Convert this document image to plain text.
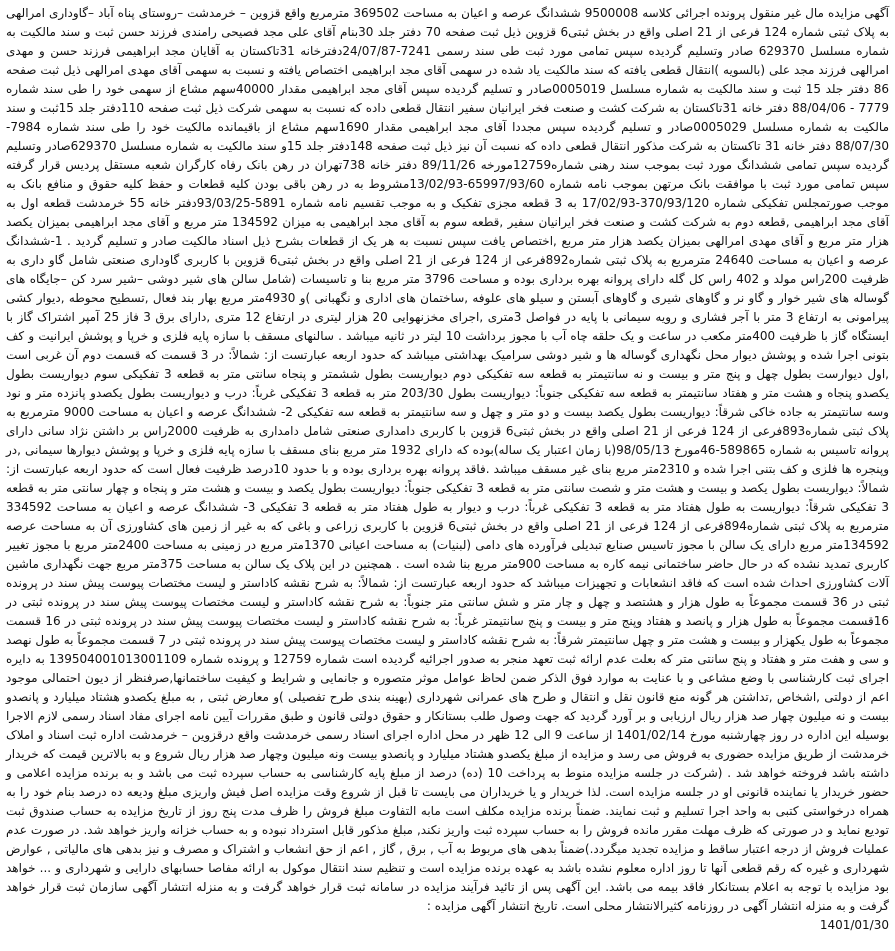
آگهی مزایده مال غیر منقول پرونده اجرائی کلاسه 9500008 ششدانگ عرصه و اعیان به مساحت 369502 مترمربع واقع قزوین – خرمدشت –روستای پناه آباد –گاوداری امرالهی به پلاک ثبتی شماره 124 فرعی از 21 اصلی واقع در بخش ثبتی6 قزوین ذیل ثبت صفحه 70 دفتر جلد 30بنام آقای علی مجد فصیحی رامندی فرزند حسن ثبت و سند مالکیت به شماره مسلسل 629370 صادر وتسلیم گردیده سپس تمامی مورد ثبت طی سند رسمی 7241-24/07/87دفترخانه 31تاکستان به آقایان مجد ابراهیمی فرزند حسن و مهدی امرالهی فرزند مجد علی (بالسویه )انتقال قطعی یافته که سند مالکیت یاد شده در سهمی آقای مجد ابراهیمی اختصاص یافته و نسبت به سهمی آقای مهدی امرالهی ذیل ثبت صفحه 86 دفتر جلد 15 ثبت و سند مالکیت به شماره مسلسل 0005019صادر و تسلیم گردیده سپس آقای مجد ابراهیمی مقدار 40000سهم مشاع از سهمی خود را طی سند شماره 7779 - 88/04/06 دفتر خانه 31تاکستان به شرکت کشت و صنعت فخر ایرانیان سفیر انتقال قطعی داده که نسبت به سهمی شرکت ذیل ثبت صفحه 110دفتر جلد 15ثبت و سند مالکیت به شماره مسلسل 0005029صادر و تسلیم گردیده سپس مجددا آقای مجد ابراهیمی مقدار 1690سهم مشاع از باقیمانده مالکیت خود را طی سند شماره 7984-88/07/30 دفتر خانه 31 تاکستان به شرکت مذکور انتقال قطعی داده که نسبت آن نیز ذیل ثبت صفحه 148دفتر جلد 15و سند مالکیت به شماره مسلسل 629370صادر وتسلیم گردیده سپس تمامی ششدانگ مورد ثبت بموجب سند رهنی شماره12759مورخه 89/11/26 دفتر خانه 738تهران در رهن بانک رفاه کارگران شعبه مستقل پردیس قرار گرفته سپس تمامی مورد ثبت با موافقت بانک مرتهن بموجب نامه شماره 65997/93/60-13/02/93مشروط به در رهن باقی بودن کلیه قطعات و حفظ کلیه حقوق و منافع بانک به موجب صورتمجلس تفکیکی شماره 370/93/120-17/02/93 به 3 قطعه مجزی تفکیک و به موجب تقسیم نامه شماره 5891-93/03/25دفتر خانه 55 خرمدشت قطعه اول به آقای مجد ابراهیمی ,قطعه دوم به شرکت کشت و صنعت فخر ایرانیان سفیر ,قطعه سوم به آقای مجد ابراهیمی به میزان 134592 متر مربع و آقای مجد ابراهیمی بمیزان یکصد هزار متر مربع و آقای مهدی امرالهی بمیزان یکصد هزار متر مربع ,اختصاص یافت سپس نسبت به هر یک از قطعات بشرح ذیل اسناد مالکیت صادر و تسلیم گردید . 1-ششدانگ عرصه و اعیان به مساحت 24640 مترمربع به پلاک ثبتی شماره892فرعی از 124 فرعی از 21 اصلی واقع در بخش ثبتی6 قزوین با کاربری گاوداری صنعتی شامل گاو داری به ظرفیت 200راس مولد و 402 راس کل گله دارای پروانه بهره برداری بوده و مساحت 3796 متر مربع بنا و تاسیسات (شامل سالن های شیر دوشی –شیر سرد کن –جایگاه های گوساله های شیر خوار و گاو نر و گاوهای شیری و گاوهای آبستن و سیلو های علوفه ,ساختمان های اداری و نگهبانی )و 4930متر مربع بهار بند فعال ,تسطیح محوطه ,دیوار کشی پیرامونی به ارتفاع 3 متر با آجر فشاری و رویه سیمانی با پایه در فواصل 3متری ,اجرای مخزنهوایی 20 هزار لیتری در ارتفاع 12 متری ,دارای برق 3 فاز 25 آمپر اشتراک گاز با ایستگاه گاز با ظرفیت 400متر مکعب در ساعت و یک حلقه چاه آب با مجوز برداشت 10 لیتر در ثانیه میباشد . سالنهای مسقف با سازه پایه فلزی و خرپا و پوشش ایرانیت و کف بتونی اجرا شده و پوشش دیوار محل نگهداری گوساله ها و شیر دوشی سرامیک بهداشتی میباشد که حدود اربعه عبارتست از: شمالاً: در 3 قسمت که قسمت دوم آن غربی است ,اول دیوارست بطول چهل و پنج متر و بیست و نه سانتیمتر به قطعه سه تفکیکی دوم دیواریست بطول ششمتر و پنجاه سانتی متر به قطعه 3 تفکیکی سوم دیواریست بطول یکصدو پنجاه و هشت متر و هفتاد سانتیمتر به قطعه سه تفکیکی جنوباً: دیواریست بطول 203/30 متر به قطعه 3 تفکیکی غرباً: درب و دیواریست بطول یکصدو پانزده متر و نود وسه سانتیمتر به جاده خاکی شرقاً: دیواریست بطول یکصد بیست و دو متر و چهل و سه سانتیمتر به قطعه سه تفکیکی 2- ششدانگ عرصه و اعیان به مساحت 9000 مترمربع به پلاک ثبتی شماره893فرعی از 124 فرعی از 21 اصلی واقع در بخش ثبتی6 قزوین با کاربری دامداری صنعتی شامل دامداری به ظرفیت 2000راس بر داشتن نژاد سانی دارای پروانه تاسیس به شماره 589865-46مورخ 98/05/13(با زمان اعتبار یک ساله)بوده که دارای 1932 متر مربع بنای مسقف با سازه پایه فلزی و خرپا و پوشش دیوارها سیمانی ,در وپنجره ها فلزی و کف بتنی اجرا شده و 2310متر مربع بنای غیر مسقف میباشد .فاقد پروانه بهره برداری بوده و با حدود 10درصد ظرفیت فعال است که حدود اربعه عبارتست از: شمالاً: دیواریست بطول یکصد و بیست و هشت متر و شصت سانتی متر به قطعه 3 تفکیکی جنوباً: دیواریست بطول یکصد و بیست و هشت متر و پنجاه و چهار سانتی متر به قطعه 3 تفکیکی شرقاً: دیواریست به طول هفتاد متر به قطعه 3 تفکیکی غرباً: درب و دیوار به طول هفتاد متر به قطعه 3 تفکیکی 3- ششدانگ عرصه و اعیان به مساحت 334592 مترمربع به پلاک ثبتی شماره894فرعی از 124 فرعی از 21 اصلی واقع در بخش ثبتی6 قزوین با کاربری زراعی و باغی که به غیر از زمین های کشاورزی آن به مساحت عرصه 134592متر مربع دارای یک سالن با مجوز تاسیس صنایع تبدیلی فرآورده های دامی (لبنیات) به مساحت اعیانی 1370متر مربع در زمینی به مساحت 2400متر مربع با مجوز تغییر کاربری تمدید نشده که در حال حاضر ساختمانی نیمه کاره به مساحت 900متر مربع بنا شده است . همچنین در این پلاک یک سالن به مساحت 375متر مربع جهت نگهداری ماشین آلات کشاورزی احداث شده است که فاقد انشعابات و تجهیزات میباشد که حدود اربعه عبارتست از: شمالاً: به شرح نقشه کاداستر و لیست مختصات پیوست پیش سند در پرونده ثبتی در 36 قسمت مجموعاً به طول هزار و هشتصد و چهل و چار متر و شش سانتی متر جنوباً: به شرح نقشه کاداستر و لیست مختصات پیوست پیش سند در پرونده ثبتی در 16قسمت مجموعاً به طول هزار و پانصد و هفتاد وپنج متر و بیست و پنج سانتیمتر غرباً: به شرح نقشه کاداستر و لیست مختصات پیوست پیش سند در پرونده ثبتی در 16 قسمت مجموعاً به طول یکهزار و بیست و هشت متر و چهل سانتیمتر شرقاً: به شرح نقشه کاداستر و لیست مختصات پیوست پیش سند در پرونده ثبتی در 7 قسمت مجموعاً به طول نهصد و سی و هفت متر و هفتاد و پنج سانتی متر که بعلت عدم ارائه ثبت تعهد منجر به صدور اجرائیه گردیده است شماره 12759 و پرونده شماره 139504001013001109 به دایره اجرای ثبت کارشناسی با وضع مشاعی و با عنایت به موارد فوق الذکر ضمن لحاظ عوامل موثر متصوره و جانمایی و شرایط و کیفیت ساختمانها,صرفنظر از دیون احتمالی موجود اعم از دولتی ,اشخاص ,تداشتن هر گونه منع قانون نقل و انتقال و طرح های عمرانی شهرداری (بهینه بندی طرح تفصیلی )و معارض ثبتی , به مبلغ یکصدو هشتاد میلیارد و پانصدو بیست و نه میلیون چهار صد هزار ریال ارزیابی و بر آورد گردید که جهت وصول طلب بستانکار و حقوق دولتی قانون و طبق مقررات آیین نامه اجرای مفاد اسناد رسمی لازم الاجرا بوسیله این اداره در روز چهارشنبه مورخ 1401/02/14 از ساعت 9 الی 12 ظهر در محل اداره اجرای اسناد رسمی خرمدشت واقع درقزوین – خرمدشت اداره ثبت اسناد و املاک خرمدشت از طریق مزایده حضوری به فروش می رسد و مزایده از مبلغ یکصدو هشتاد میلیارد و پانصدو بیست ونه میلیون وچهار صد هزار ریال شروع و به بالاترین قیمت که خریدار داشته باشد فروخته خواهد شد . (شرکت در جلسه مزایده منوط به پرداخت 10 (ده) درصد از مبلغ پایه کارشناسی به حساب سپرده ثبت می باشد و به برنده مزایده اعلامی و حضور خریدار یا نماینده قانونی او در جلسه مزایده است. لذا خریدار و یا خریداران می بایست تا قبل از شروع وقت مزایده اصل فیش واریزی مبلغ ودیعه ده درصد بنام خود را به همراه درخواستی کتبی به واحد اجرا تسلیم و ثبت نمایند. ضمناً برنده مزایده مکلف است مابه التفاوت مبلغ فروش را ظرف مدت پنج روز از تاریخ مزایده به حساب صندوق ثبت تودیع نماید و در صورتی که ظرف مهلت مقرر مانده فروش را به حساب سپرده ثبت واریز نکند, مبلغ مذکور قابل استرداد نبوده و به حساب خزانه واریز خواهد شد. در صورت عدم عملیات فروش از درجه اعتبار ساقط و مزایده تجدید میگردد.)ضمناً بدهی های مربوط به آب , برق , گاز , اعم از حق انشعاب و اشتراک و مصرف و نیز بدهی های مالیاتی , عوارض شهرداری و غیره که رقم قطعی آنها تا روز اداره معلوم نشده باشد به عهده برنده مزایده است و تنظیم سند انتقال موکول به ارائه مفاصا حسابهای دارایی و شهرداری و ... خواهد بود مزایده با توجه به اعلام بستانکار فاقد بیمه می باشد. این آگهی پس از تائید فرآیند مزایده در سامانه ثبت قرار خواهد گرفت و به منزله انتشار آگهی سازمان ثبت قرار خواهد گرفت و به منزله انتشار آگهی در روزنامه کثیرالانتشار محلی است. تاریخ انتشار آگهی مزایده :

1401/01/30
